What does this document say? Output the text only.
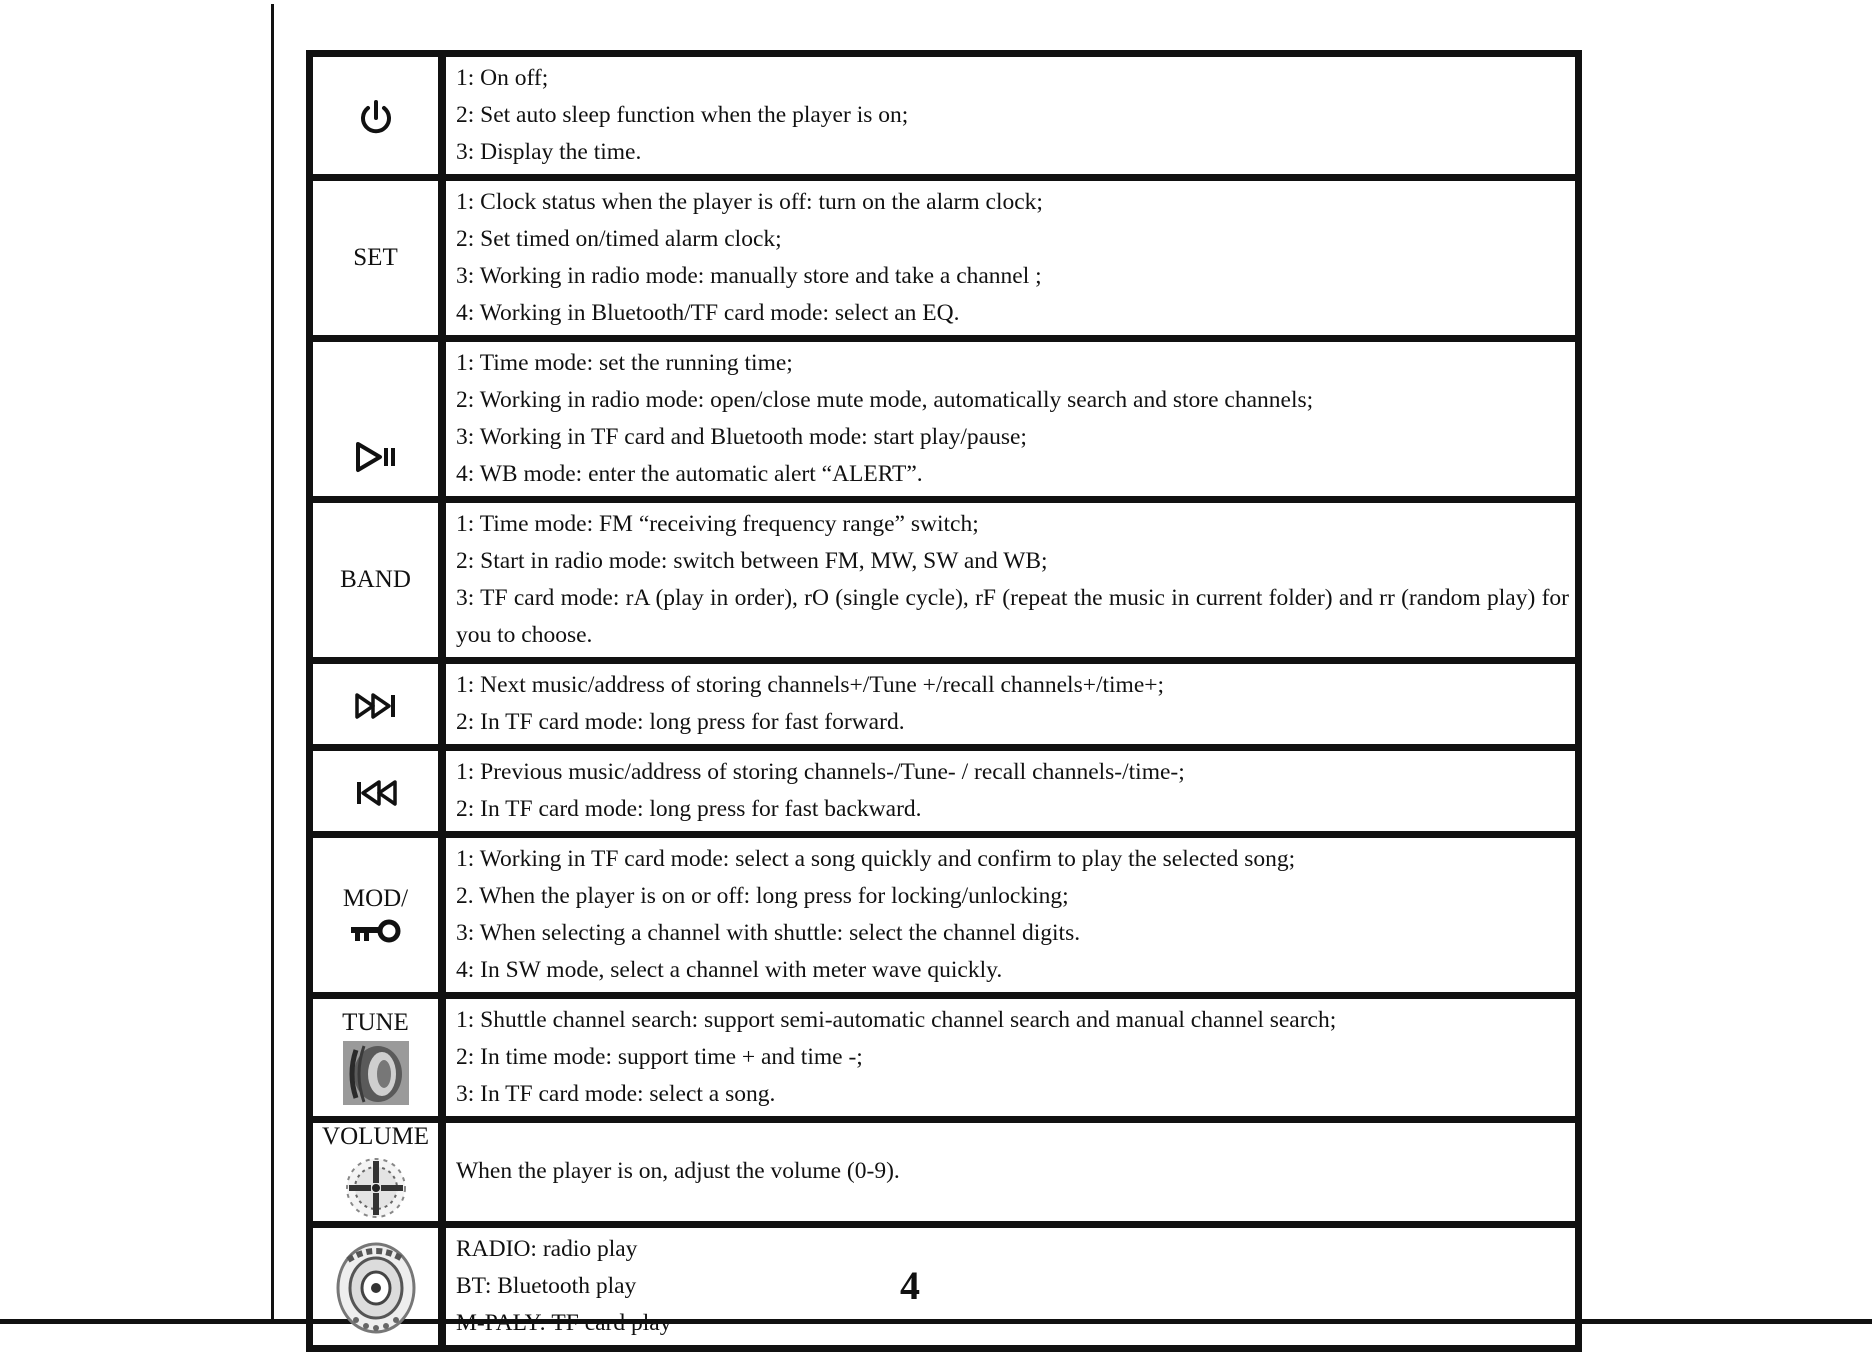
1: On off;
2: Set auto sleep function when the player is on;
3: Display the time.

SET	1: Clock status when the player is off: turn on the alarm clock;
2: Set timed on/timed alarm clock;
3: Working in radio mode: manually store and take a channel ;
4: Working in Bluetooth/TF card mode: select an EQ.

1: Time mode: set the running time;
2: Working in radio mode: open/close mute mode, automatically search and store channels;
3: Working in TF card and Bluetooth mode: start play/pause;
4: WB mode: enter the automatic alert “ALERT”.

BAND	1: Time mode: FM “receiving frequency range” switch;
2: Start in radio mode: switch between FM, MW, SW and WB;
3: TF card mode: rA (play in order), rO (single cycle), rF (repeat the music in current folder) and rr (random play) for you to choose.

1: Next music/address of storing channels+/Tune +/recall channels+/time+;
2: In TF card mode: long press for fast forward.

1: Previous music/address of storing channels-/Tune- / recall channels-/time-;
2: In TF card mode: long press for fast backward.

MOD/	1: Working in TF card mode: select a song quickly and confirm to play the selected song;
2. When the player is on or off: long press for locking/unlocking;
3: When selecting a channel with shuttle: select the channel digits.
4: In SW mode, select a channel with meter wave quickly.

TUNE	1: Shuttle channel search: support semi-automatic channel search and manual channel search;
2: In time mode: support time + and time -;
3: In TF card mode: select a song.

VOLUME	When the player is on, adjust the volume (0-9).

RADIO: radio play
BT: Bluetooth play
M-PALY: TF card play
4
